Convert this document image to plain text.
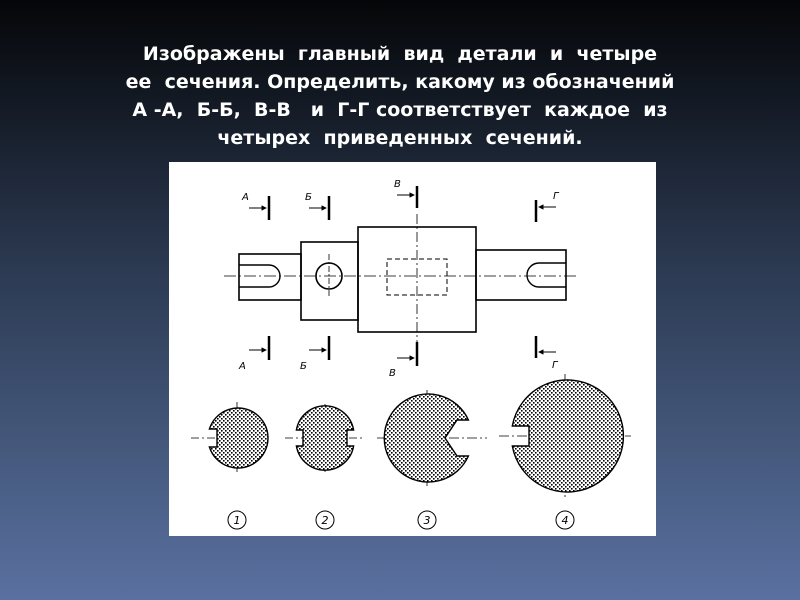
Изображены  главный  вид  детали  и  четыре
ее  сечения. Определить, какому из обозначений
А -А,  Б-Б,  В-В   и  Г-Г соответствует  каждое  из
четырех  приведенных  сечений.
А	Б
В
Г
А	Б
В
Г
1	2	3	4
